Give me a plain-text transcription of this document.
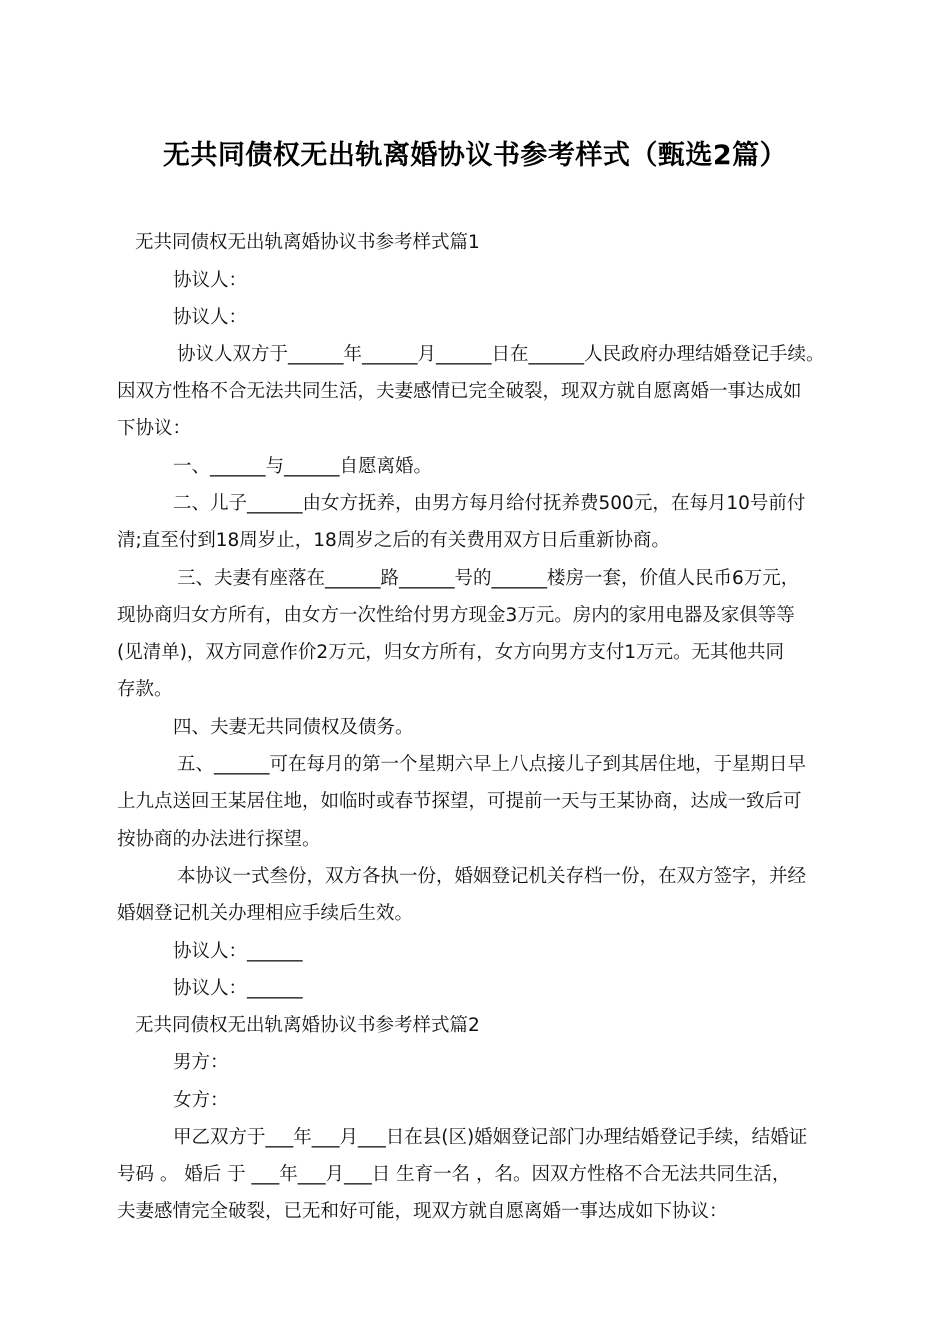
无共同债权无出轨离婚协议书参考样式（甄选2篇）
无共同债权无出轨离婚协议书参考样式篇1
协议人：
协议人：
协议人双方于______年______月______日在______人民政府办理结婚登记手续。
因双方性格不合无法共同生活，夫妻感情已完全破裂，现双方就自愿离婚一事达成如
下协议：
一、______与______自愿离婚。
二、儿子______由女方抚养，由男方每月给付抚养费500元，在每月10号前付
清;直至付到18周岁止，18周岁之后的有关费用双方日后重新协商。
三、夫妻有座落在______路______号的______楼房一套，价值人民币6万元，
现协商归女方所有，由女方一次性给付男方现金3万元。房内的家用电器及家俱等等
(见清单)，双方同意作价2万元，归女方所有，女方向男方支付1万元。无其他共同
存款。
四、夫妻无共同债权及债务。
五、______可在每月的第一个星期六早上八点接儿子到其居住地，于星期日早
上九点送回王某居住地，如临时或春节探望，可提前一天与王某协商，达成一致后可
按协商的办法进行探望。
本协议一式叁份，双方各执一份，婚姻登记机关存档一份，在双方签字，并经
婚姻登记机关办理相应手续后生效。
协议人：______
协议人：______
无共同债权无出轨离婚协议书参考样式篇2
男方：
女方：
甲乙双方于___年___月___日在县(区)婚姻登记部门办理结婚登记手续，结婚证
号码 。 婚后 于 ___年___月___日 生育一名 ，名。因双方性格不合无法共同生活，
夫妻感情完全破裂，已无和好可能，现双方就自愿离婚一事达成如下协议：
